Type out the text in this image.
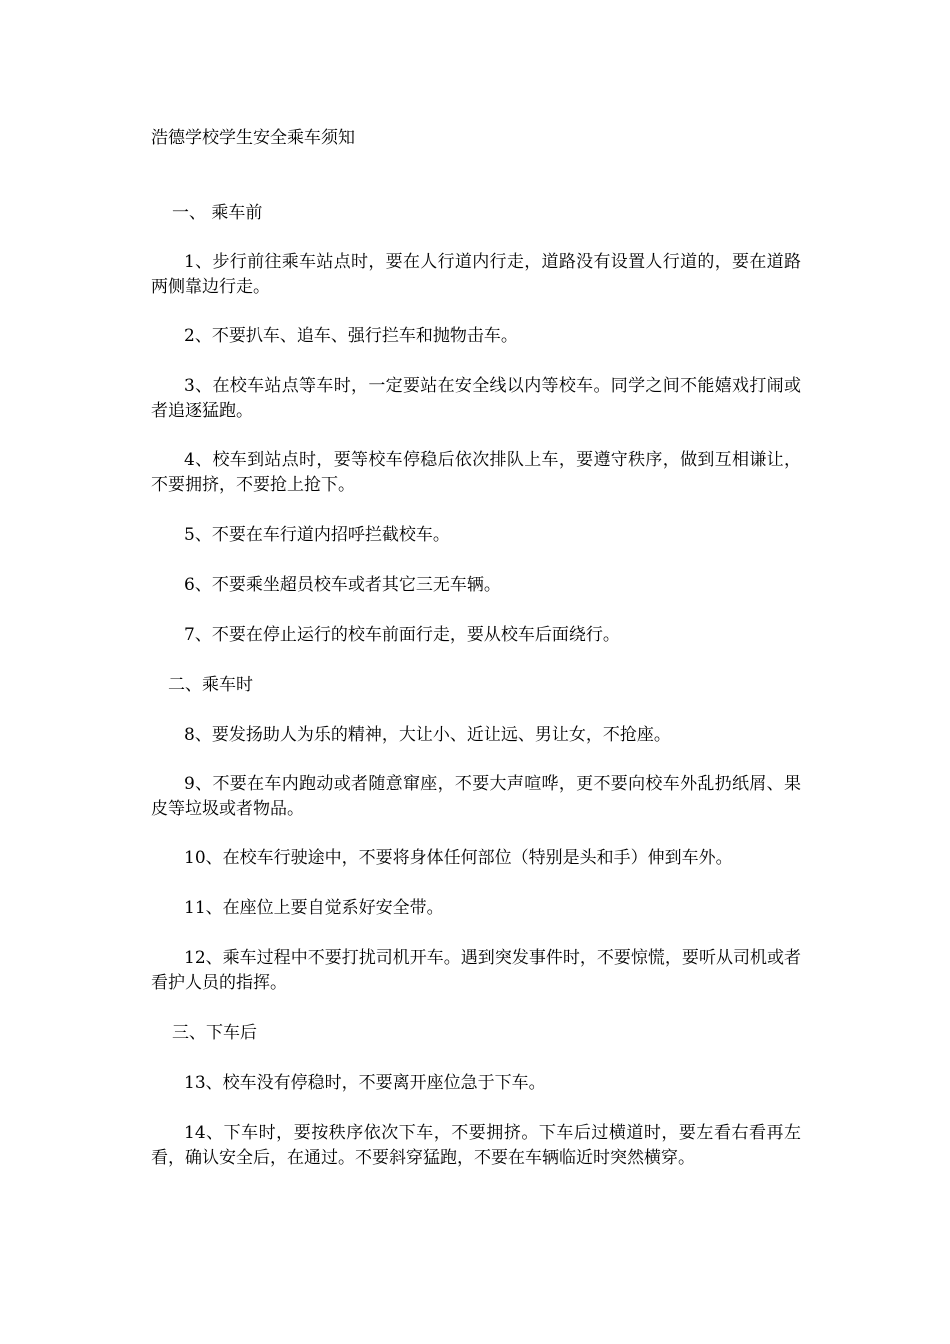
浩德学校学生安全乘车须知
一、 乘车前
1、步行前往乘车站点时，要在人行道内行走，道路没有设置人行道的，要在道路两侧靠边行走。
2、不要扒车、追车、强行拦车和抛物击车。
3、在校车站点等车时，一定要站在安全线以内等校车。同学之间不能嬉戏打闹或者追逐猛跑。
4、校车到站点时，要等校车停稳后依次排队上车，要遵守秩序，做到互相谦让，不要拥挤，不要抢上抢下。
5、不要在车行道内招呼拦截校车。
6、不要乘坐超员校车或者其它三无车辆。
7、不要在停止运行的校车前面行走，要从校车后面绕行。
二、乘车时
8、要发扬助人为乐的精神，大让小、近让远、男让女，不抢座。
9、不要在车内跑动或者随意窜座，不要大声喧哗，更不要向校车外乱扔纸屑、果皮等垃圾或者物品。
10、在校车行驶途中，不要将身体任何部位（特别是头和手）伸到车外。
11、在座位上要自觉系好安全带。
12、乘车过程中不要打扰司机开车。遇到突发事件时，不要惊慌，要听从司机或者看护人员的指挥。
三、下车后
13、校车没有停稳时，不要离开座位急于下车。
14、下车时，要按秩序依次下车，不要拥挤。下车后过横道时，要左看右看再左看，确认安全后，在通过。不要斜穿猛跑，不要在车辆临近时突然横穿。
